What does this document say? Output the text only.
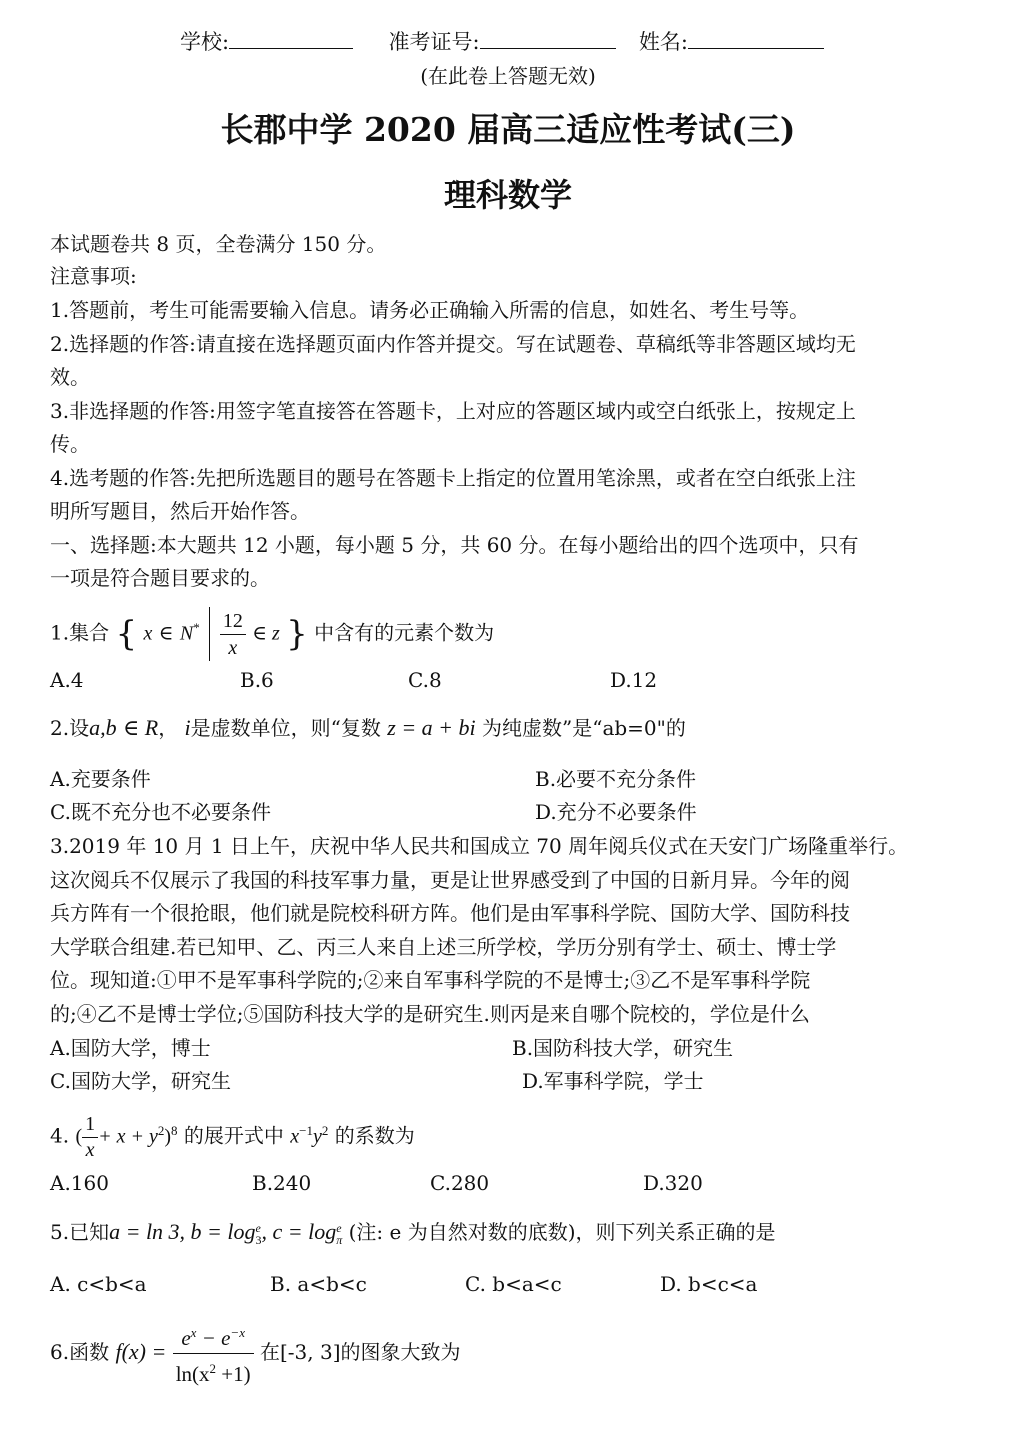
学校:	准考证号:	姓名:
(在此卷上答题无效)
长郡中学 2020 届高三适应性考试(三)
理科数学
本试题卷共 8 页，全卷满分 150 分。
注意事项:
1.答题前，考生可能需要输入信息。请务必正确输入所需的信息，如姓名、考生号等。
2.选择题的作答:请直接在选择题页面内作答并提交。写在试题卷、草稿纸等非答题区域均无
效。
3.非选择题的作答:用签字笔直接答在答题卡，上对应的答题区域内或空白纸张上，按规定上
传。
4.选考题的作答:先把所选题目的题号在答题卡上指定的位置用笔涂黑，或者在空白纸张上注
明所写题目，然后开始作答。
一、选择题:本大题共 12 小题，每小题 5 分，共 60 分。在每小题给出的四个选项中，只有
一项是符合题目要求的。
1.集合 { x ∈ $N^* \frac{12}{x}$ ∈ z } 中含有的元素个数为
A.4	B.6	C.8	D.12
2.设a,b ∈ R， i是虚数单位，则“复数 z = a + bi 为纯虚数”是“ab=0"的
A.充要条件	B.必要不充分条件
C.既不充分也不必要条件	D.充分不必要条件
3.2019 年 10 月 1 日上午，庆祝中华人民共和国成立 70 周年阅兵仪式在天安门广场隆重举行。
这次阅兵不仅展示了我国的科技军事力量，更是让世界感受到了中国的日新月异。今年的阅
兵方阵有一个很抢眼，他们就是院校科研方阵。他们是由军事科学院、国防大学、国防科技
大学联合组建.若已知甲、乙、丙三人来自上述三所学校，学历分别有学士、硕士、博士学
位。现知道:①甲不是军事科学院的;②来自军事科学院的不是博士;③乙不是军事科学院
的;④乙不是博士学位;⑤国防科技大学的是研究生.则丙是来自哪个院校的，学位是什么
A.国防大学，博士	B.国防科技大学，研究生
C.国防大学，研究生	D.军事科学院，学士
4. ( $\frac{1}{x} + x + y^2)^8$ 的展开式中 $x^{-1}y^2$ 的系数为
A.160	B.240	C.280	D.320
5.已知a = ln 3, b = log e
3 , c = log e
π (注: e 为自然对数的底数)，则下列关系正确的是
A. c<b<a	B. a<b<c	C. b<a<c	D. b<c<a
6.函数 $f(x) = \frac{e^x - e^{-x}}{\ln(x^2 +1)}$ 在[-3, 3]的图象大致为
